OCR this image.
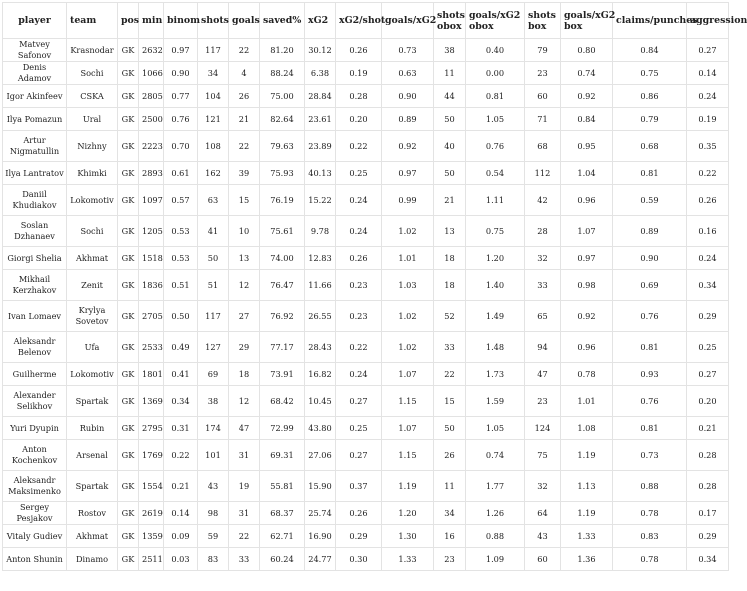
player	team	pos	min	binom	shots	goals	saved%	xG2	xG2/shot	goals/xG2	shots obox	goals/xG2 obox	shots box	goals/xG2 box	claims/punches	aggression
Matvey Safonov	Krasnodar	GK	2632	0.97	117	22	81.20	30.12	0.26	0.73	38	0.40	79	0.80	0.84	0.27
Denis Adamov	Sochi	GK	1066	0.90	34	4	88.24	6.38	0.19	0.63	11	0.00	23	0.74	0.75	0.14
Igor Akinfeev	CSKA	GK	2805	0.77	104	26	75.00	28.84	0.28	0.90	44	0.81	60	0.92	0.86	0.24
Ilya Pomazun	Ural	GK	2500	0.76	121	21	82.64	23.61	0.20	0.89	50	1.05	71	0.84	0.79	0.19
Artur Nigmatullin	Nizhny	GK	2223	0.70	108	22	79.63	23.89	0.22	0.92	40	0.76	68	0.95	0.68	0.35
Ilya Lantratov	Khimki	GK	2893	0.61	162	39	75.93	40.13	0.25	0.97	50	0.54	112	1.04	0.81	0.22
Daniil Khudiakov	Lokomotiv	GK	1097	0.57	63	15	76.19	15.22	0.24	0.99	21	1.11	42	0.96	0.59	0.26
Soslan Dzhanaev	Sochi	GK	1205	0.53	41	10	75.61	9.78	0.24	1.02	13	0.75	28	1.07	0.89	0.16
Giorgi Shelia	Akhmat	GK	1518	0.53	50	13	74.00	12.83	0.26	1.01	18	1.20	32	0.97	0.90	0.24
Mikhail Kerzhakov	Zenit	GK	1836	0.51	51	12	76.47	11.66	0.23	1.03	18	1.40	33	0.98	0.69	0.34
Ivan Lomaev	Krylya Sovetov	GK	2705	0.50	117	27	76.92	26.55	0.23	1.02	52	1.49	65	0.92	0.76	0.29
Aleksandr Belenov	Ufa	GK	2533	0.49	127	29	77.17	28.43	0.22	1.02	33	1.48	94	0.96	0.81	0.25
Guilherme	Lokomotiv	GK	1801	0.41	69	18	73.91	16.82	0.24	1.07	22	1.73	47	0.78	0.93	0.27
Alexander Selikhov	Spartak	GK	1369	0.34	38	12	68.42	10.45	0.27	1.15	15	1.59	23	1.01	0.76	0.20
Yuri Dyupin	Rubin	GK	2795	0.31	174	47	72.99	43.80	0.25	1.07	50	1.05	124	1.08	0.81	0.21
Anton Kochenkov	Arsenal	GK	1769	0.22	101	31	69.31	27.06	0.27	1.15	26	0.74	75	1.19	0.73	0.28
Aleksandr Maksimenko	Spartak	GK	1554	0.21	43	19	55.81	15.90	0.37	1.19	11	1.77	32	1.13	0.88	0.28
Sergey Pesjakov	Rostov	GK	2619	0.14	98	31	68.37	25.74	0.26	1.20	34	1.26	64	1.19	0.78	0.17
Vitaly Gudiev	Akhmat	GK	1359	0.09	59	22	62.71	16.90	0.29	1.30	16	0.88	43	1.33	0.83	0.29
Anton Shunin	Dinamo	GK	2511	0.03	83	33	60.24	24.77	0.30	1.33	23	1.09	60	1.36	0.78	0.34
